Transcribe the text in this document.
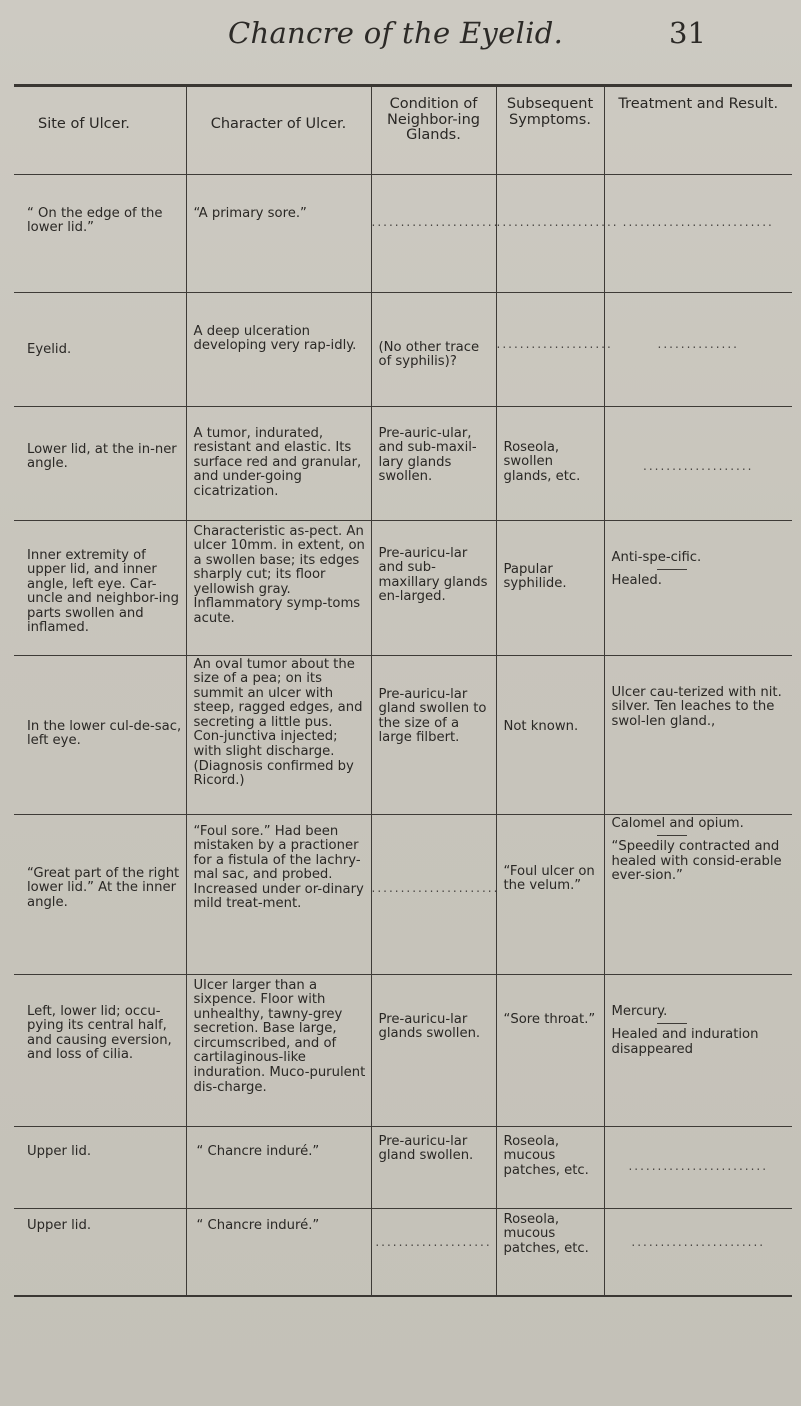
Chancre of the Eyelid.	31
Site of Ulcer.	Character of Ulcer.	Condition of Neighbor-ing Glands.	Subsequent Symptoms.	Treatment and Result.
“ On the edge of the lower lid.”	“A primary sore.”	......................	.....................	..........................

Eyelid.	A deep ulceration developing very rap-idly.	(No other trace of syphilis)?	....................	..............

Lower lid, at the in-ner angle.	A tumor, indurated, resistant and elastic. Its surface red and granular, and under-going cicatrization.	Pre-auric-ular, and sub-maxil-lary glands swollen.	Roseola, swollen glands, etc.	...................

Inner extremity of upper lid, and inner angle, left eye. Car-uncle and neighbor-ing parts swollen and inflamed.	Characteristic as-pect. An ulcer 10mm. in extent, on a swollen base; its edges sharply cut; its floor yellowish gray. Inflammatory symp-toms acute.	Pre-auricu-lar and sub-maxillary glands en-larged.	Papular syphilide.	Anti-spe-cific.
Healed.

In the lower cul-de-sac, left eye.	An oval tumor about the size of a pea; on its summit an ulcer with steep, ragged edges, and secreting a little pus. Con-junctiva injected; with slight discharge. (Diagnosis confirmed by Ricord.)	Pre-auricu-lar gland swollen to the size of a large filbert.	Not known.	Ulcer cau-terized with nit. silver. Ten leaches to the swol-len gland.,

“Great part of the right lower lid.” At the inner angle.	“Foul sore.” Had been mistaken by a practioner for a fistula of the lachry-mal sac, and probed. Increased under or-dinary mild treat-ment.	......................	“Foul ulcer on the velum.”	Calomel and opium.
“Speedily contracted and healed with consid-erable ever-sion.”

Left, lower lid; occu-pying its central half, and causing eversion, and loss of cilia.	Ulcer larger than a sixpence. Floor with unhealthy, tawny-grey secretion. Base large, circumscribed, and of cartilaginous-like induration. Muco-purulent dis-charge.	Pre-auricu-lar glands swollen.	“Sore throat.”	Mercury.
Healed and induration disappeared

Upper lid.	“ Chancre induré.”	Pre-auricu-lar gland swollen.	Roseola, mucous patches, etc.	........................

Upper lid.	“ Chancre induré.”	....................	Roseola, mucous patches, etc.	.......................
